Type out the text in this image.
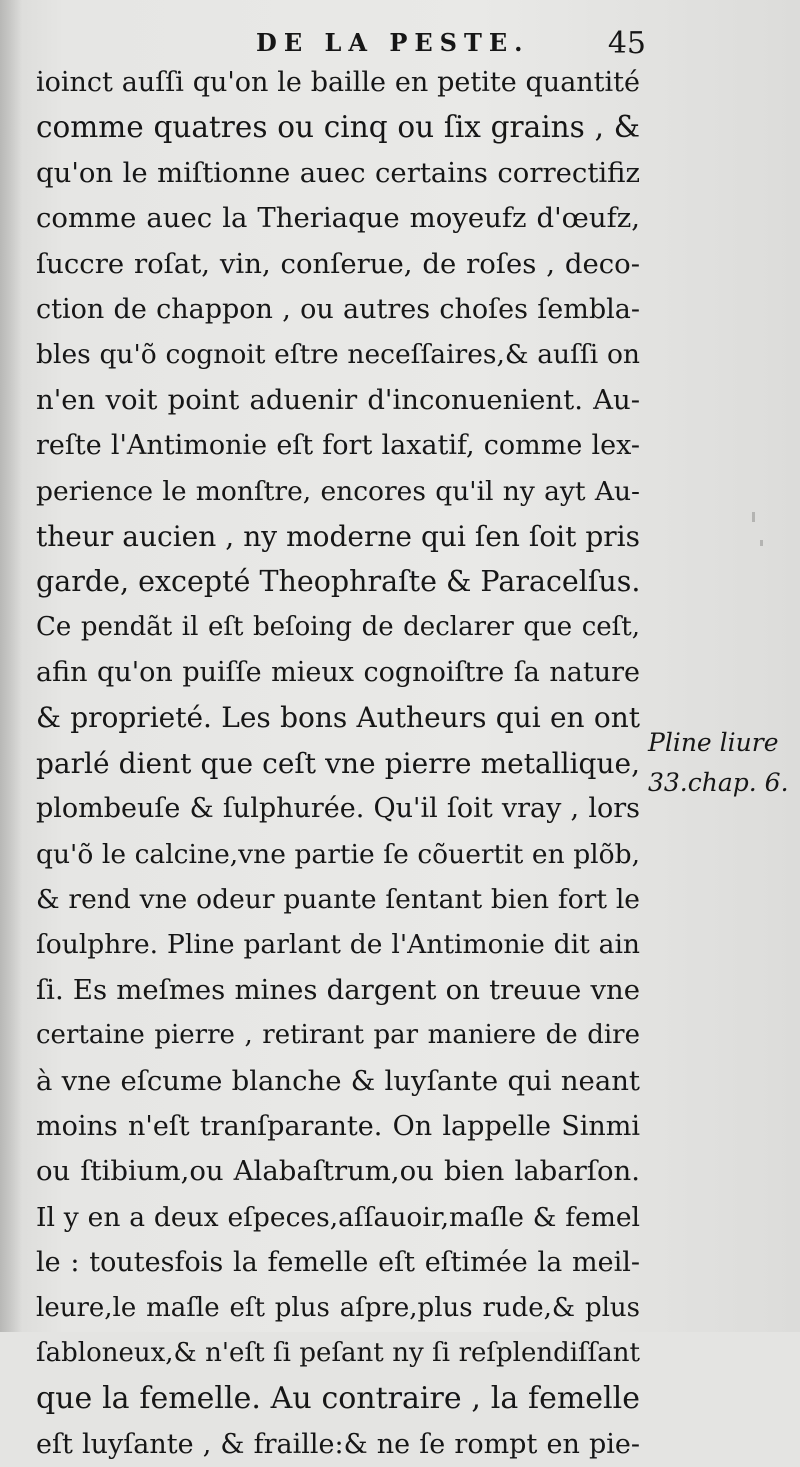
DE LA PESTE.	45
ioinct auſſi qu'on le baille en petite quantité
comme quatres ou cinq ou ſix grains , &
qu'on le miſtionne auec certains correctifiz
comme auec la Theriaque moyeufz d'œufz,
ſuccre roſat, vin, conſerue, de roſes , deco-
ction de chappon , ou autres choſes ſembla-
bles qu'õ cognoit eſtre neceſſaires,& auſſi on
n'en voit point aduenir d'inconuenient. Au-
reſte l'Antimonie eſt fort laxatif, comme lex-
perience le monſtre, encores qu'il ny ayt Au-
theur aucien , ny moderne qui ſen ſoit pris
garde, excepté Theophraſte & Paracelſus.
Ce pendãt il eſt beſoing de declarer que ceſt,
afin qu'on puiſſe mieux cognoiſtre ſa nature
& proprieté. Les bons Autheurs qui en ont
parlé dient que ceſt vne pierre metallique,
plombeuſe & ſulphurée. Qu'il ſoit vray , lors
qu'õ le calcine,vne partie ſe cõuertit en plõb,
& rend vne odeur puante ſentant bien fort le
ſoulphre. Pline parlant de l'Antimonie dit ain
ſi. Es meſmes mines dargent on treuue vne
certaine pierre , retirant par maniere de dire
à vne eſcume blanche & luyſante qui neant
moins n'eſt tranſparante. On lappelle Sinmi
ou ſtibium,ou Alabaſtrum,ou bien labarſon.
Il y en a deux eſpeces,aſſauoir,maſle & femel
le : toutesfois la femelle eſt eſtimée la meil-
leure,le maſle eſt plus aſpre,plus rude,& plus
ſabloneux,& n'eſt ſi peſant ny ſi reſplendiſſant
que la femelle. Au contraire , la femelle
eſt luyſante , & fraille:& ne ſe rompt en pie-
Pline liure
33.chap. 6.
